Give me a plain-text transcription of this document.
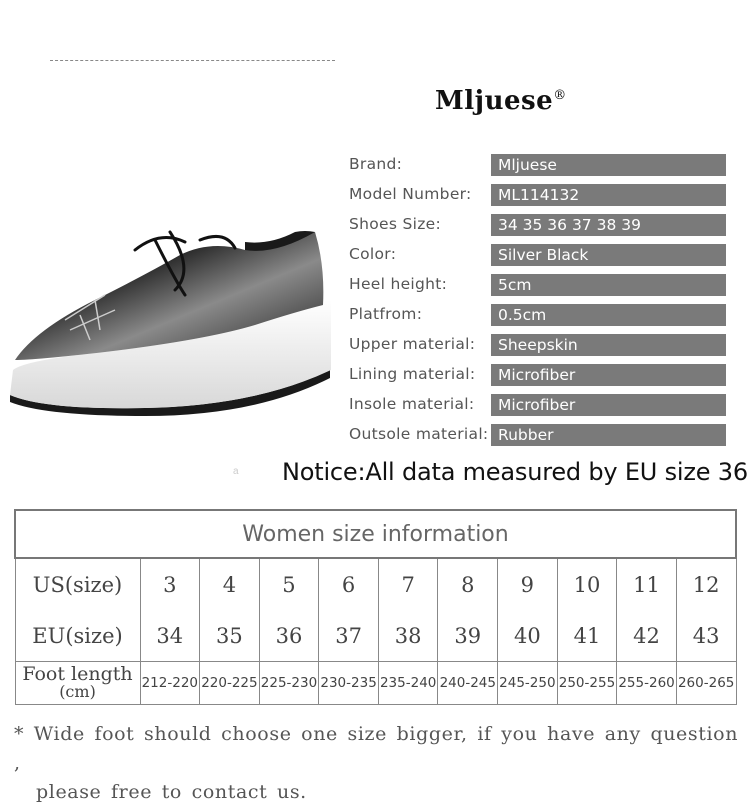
Mljuese®
Brand:	Mljuese
Model Number:	ML114132
Shoes Size:	34 35 36 37 38 39
Color:	Silver Black
Heel height:	5cm
Platfrom:	0.5cm
Upper material:	Sheepskin
Lining material:	Microfiber
Insole material:	Microfiber
Outsole material: Rubber
a Notice:All data measured by EU size 36
Women size information										
US(size)	3	4	5	6	7	8	9	10	11	12
EU(size)	34	35	36	37	38	39	40	41	42	43
Foot length
(cm)	212-220	220-225	225-230	230-235	235-240	240-245	245-250	250-255	255-260	260-265
* Wide foot should choose one size bigger, if you have any question ,
please free to contact us.
